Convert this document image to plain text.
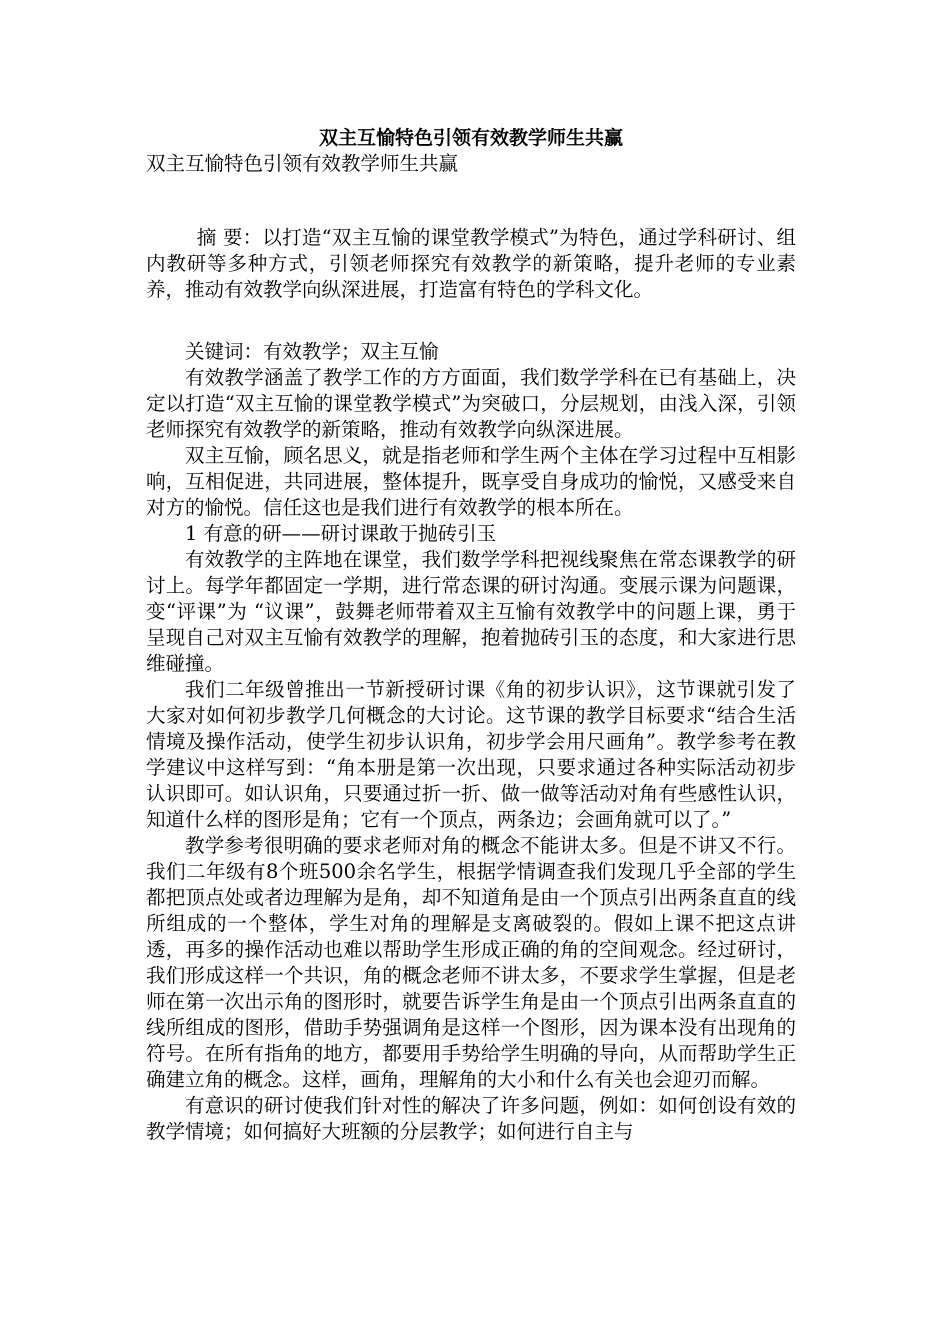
双主互愉特色引领有效教学师生共赢

双主互愉特色引领有效教学师生共赢

摘 要：以打造“双主互愉的课堂教学模式”为特色，通过学科研讨、组内教研等多种方式，引领老师探究有效教学的新策略，提升老师的专业素养，推动有效教学向纵深进展，打造富有特色的学科文化。

关键词：有效教学；双主互愉

有效教学涵盖了教学工作的方方面面，我们数学学科在已有基础上，决定以打造“双主互愉的课堂教学模式”为突破口，分层规划，由浅入深，引领老师探究有效教学的新策略，推动有效教学向纵深进展。

双主互愉，顾名思义，就是指老师和学生两个主体在学习过程中互相影响，互相促进，共同进展，整体提升，既享受自身成功的愉悦，又感受来自对方的愉悦。信任这也是我们进行有效教学的根本所在。

1 有意的研——研讨课敢于抛砖引玉

有效教学的主阵地在课堂，我们数学学科把视线聚焦在常态课教学的研讨上。每学年都固定一学期，进行常态课的研讨沟通。变展示课为问题课，变“评课”为 “议课”，鼓舞老师带着双主互愉有效教学中的问题上课，勇于呈现自己对双主互愉有效教学的理解，抱着抛砖引玉的态度，和大家进行思维碰撞。

我们二年级曾推出一节新授研讨课《角的初步认识》，这节课就引发了大家对如何初步教学几何概念的大讨论。这节课的教学目标要求“结合生活情境及操作活动，使学生初步认识角，初步学会用尺画角”。教学参考在教学建议中这样写到：“角本册是第一次出现，只要求通过各种实际活动初步认识即可。如认识角，只要通过折一折、做一做等活动对角有些感性认识，知道什么样的图形是角；它有一个顶点，两条边；会画角就可以了。”

教学参考很明确的要求老师对角的概念不能讲太多。但是不讲又不行。我们二年级有8个班500余名学生，根据学情调查我们发现几乎全部的学生都把顶点处或者边理解为是角，却不知道角是由一个顶点引出两条直直的线所组成的一个整体，学生对角的理解是支离破裂的。假如上课不把这点讲透，再多的操作活动也难以帮助学生形成正确的角的空间观念。经过研讨，我们形成这样一个共识，角的概念老师不讲太多，不要求学生掌握，但是老师在第一次出示角的图形时，就要告诉学生角是由一个顶点引出两条直直的线所组成的图形，借助手势强调角是这样一个图形，因为课本没有出现角的符号。在所有指角的地方，都要用手势给学生明确的导向，从而帮助学生正确建立角的概念。这样，画角，理解角的大小和什么有关也会迎刃而解。

有意识的研讨使我们针对性的解决了许多问题，例如：如何创设有效的教学情境；如何搞好大班额的分层教学；如何进行自主与
